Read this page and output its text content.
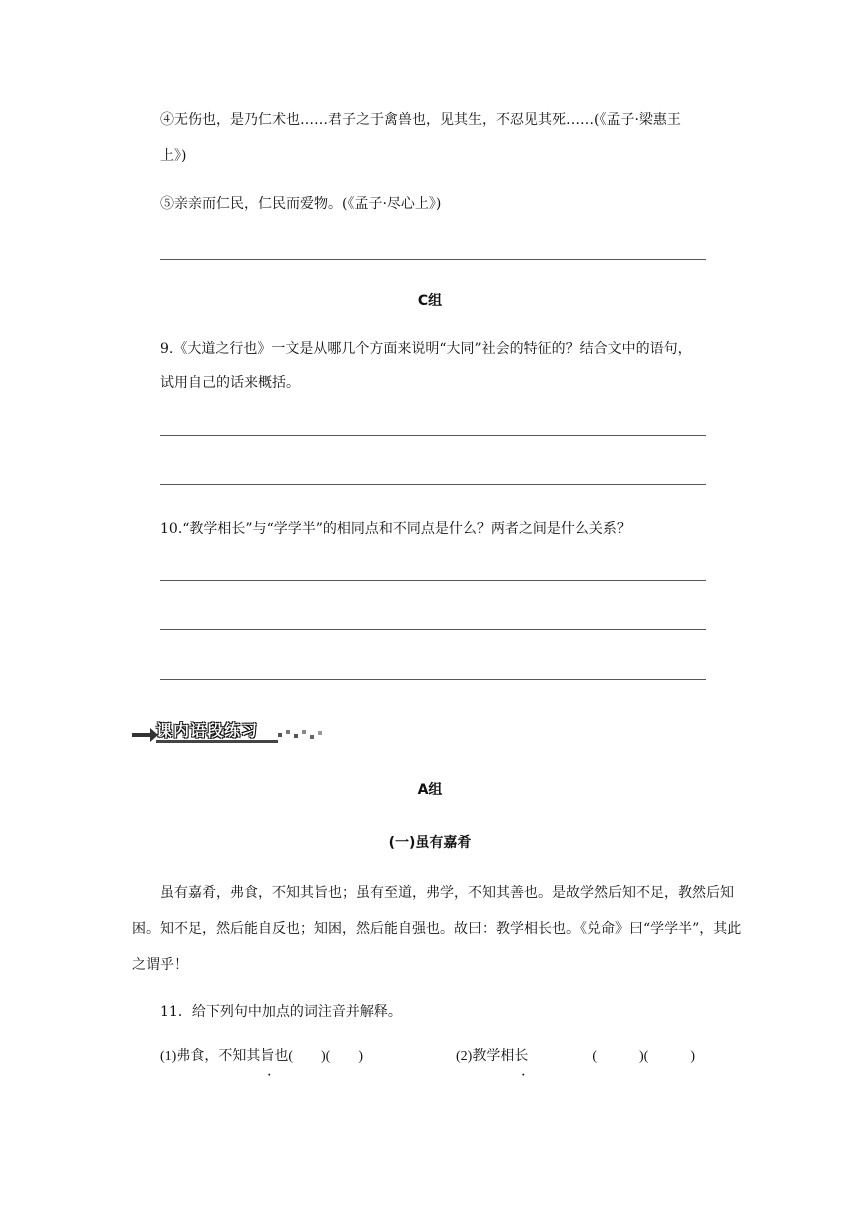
④无伤也，是乃仁术也……君子之于禽兽也，见其生，不忍见其死……(《孟子·梁惠王
上》)
⑤亲亲而仁民，仁民而爱物。(《孟子·尽心上》)
C组
9.《大道之行也》一文是从哪几个方面来说明“大同”社会的特征的？结合文中的语句，
试用自己的话来概括。
10.“教学相长”与“学学半”的相同点和不同点是什么？两者之间是什么关系？
课内语段练习
A组
(一)虽有嘉肴
虽有嘉肴，弗食，不知其旨也；虽有至道，弗学，不知其善也。是故学然后知不足，教然后知困。知不足，然后能自反也；知困，然后能自强也。故曰：教学相长也。《兑命》曰“学学半”，其此之谓乎！
11．给下列句中加点的词注音并解释。
(1)弗食，不知其旨也(　　)(　　)	(2)教学相长	(　　　)(　　　)
